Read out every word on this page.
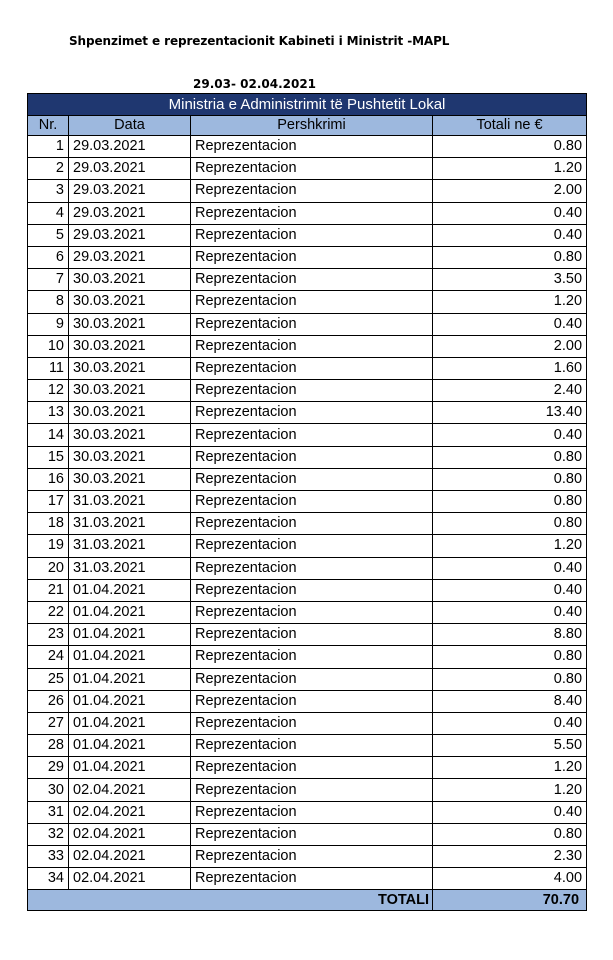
Shpenzimet e reprezentacionit Kabineti i Ministrit -MAPL
29.03- 02.04.2021
Ministria e Administrimit të Pushtetit Lokal			
Nr.	Data	Pershkrimi	Totali ne €
1	29.03.2021	Reprezentacion	0.80
2	29.03.2021	Reprezentacion	1.20
3	29.03.2021	Reprezentacion	2.00
4	29.03.2021	Reprezentacion	0.40
5	29.03.2021	Reprezentacion	0.40
6	29.03.2021	Reprezentacion	0.80
7	30.03.2021	Reprezentacion	3.50
8	30.03.2021	Reprezentacion	1.20
9	30.03.2021	Reprezentacion	0.40
10	30.03.2021	Reprezentacion	2.00
11	30.03.2021	Reprezentacion	1.60
12	30.03.2021	Reprezentacion	2.40
13	30.03.2021	Reprezentacion	13.40
14	30.03.2021	Reprezentacion	0.40
15	30.03.2021	Reprezentacion	0.80
16	30.03.2021	Reprezentacion	0.80
17	31.03.2021	Reprezentacion	0.80
18	31.03.2021	Reprezentacion	0.80
19	31.03.2021	Reprezentacion	1.20
20	31.03.2021	Reprezentacion	0.40
21	01.04.2021	Reprezentacion	0.40
22	01.04.2021	Reprezentacion	0.40
23	01.04.2021	Reprezentacion	8.80
24	01.04.2021	Reprezentacion	0.80
25	01.04.2021	Reprezentacion	0.80
26	01.04.2021	Reprezentacion	8.40
27	01.04.2021	Reprezentacion	0.40
28	01.04.2021	Reprezentacion	5.50
29	01.04.2021	Reprezentacion	1.20
30	02.04.2021	Reprezentacion	1.20
31	02.04.2021	Reprezentacion	0.40
32	02.04.2021	Reprezentacion	0.80
33	02.04.2021	Reprezentacion	2.30
34	02.04.2021	Reprezentacion	4.00
TOTALI			70.70
